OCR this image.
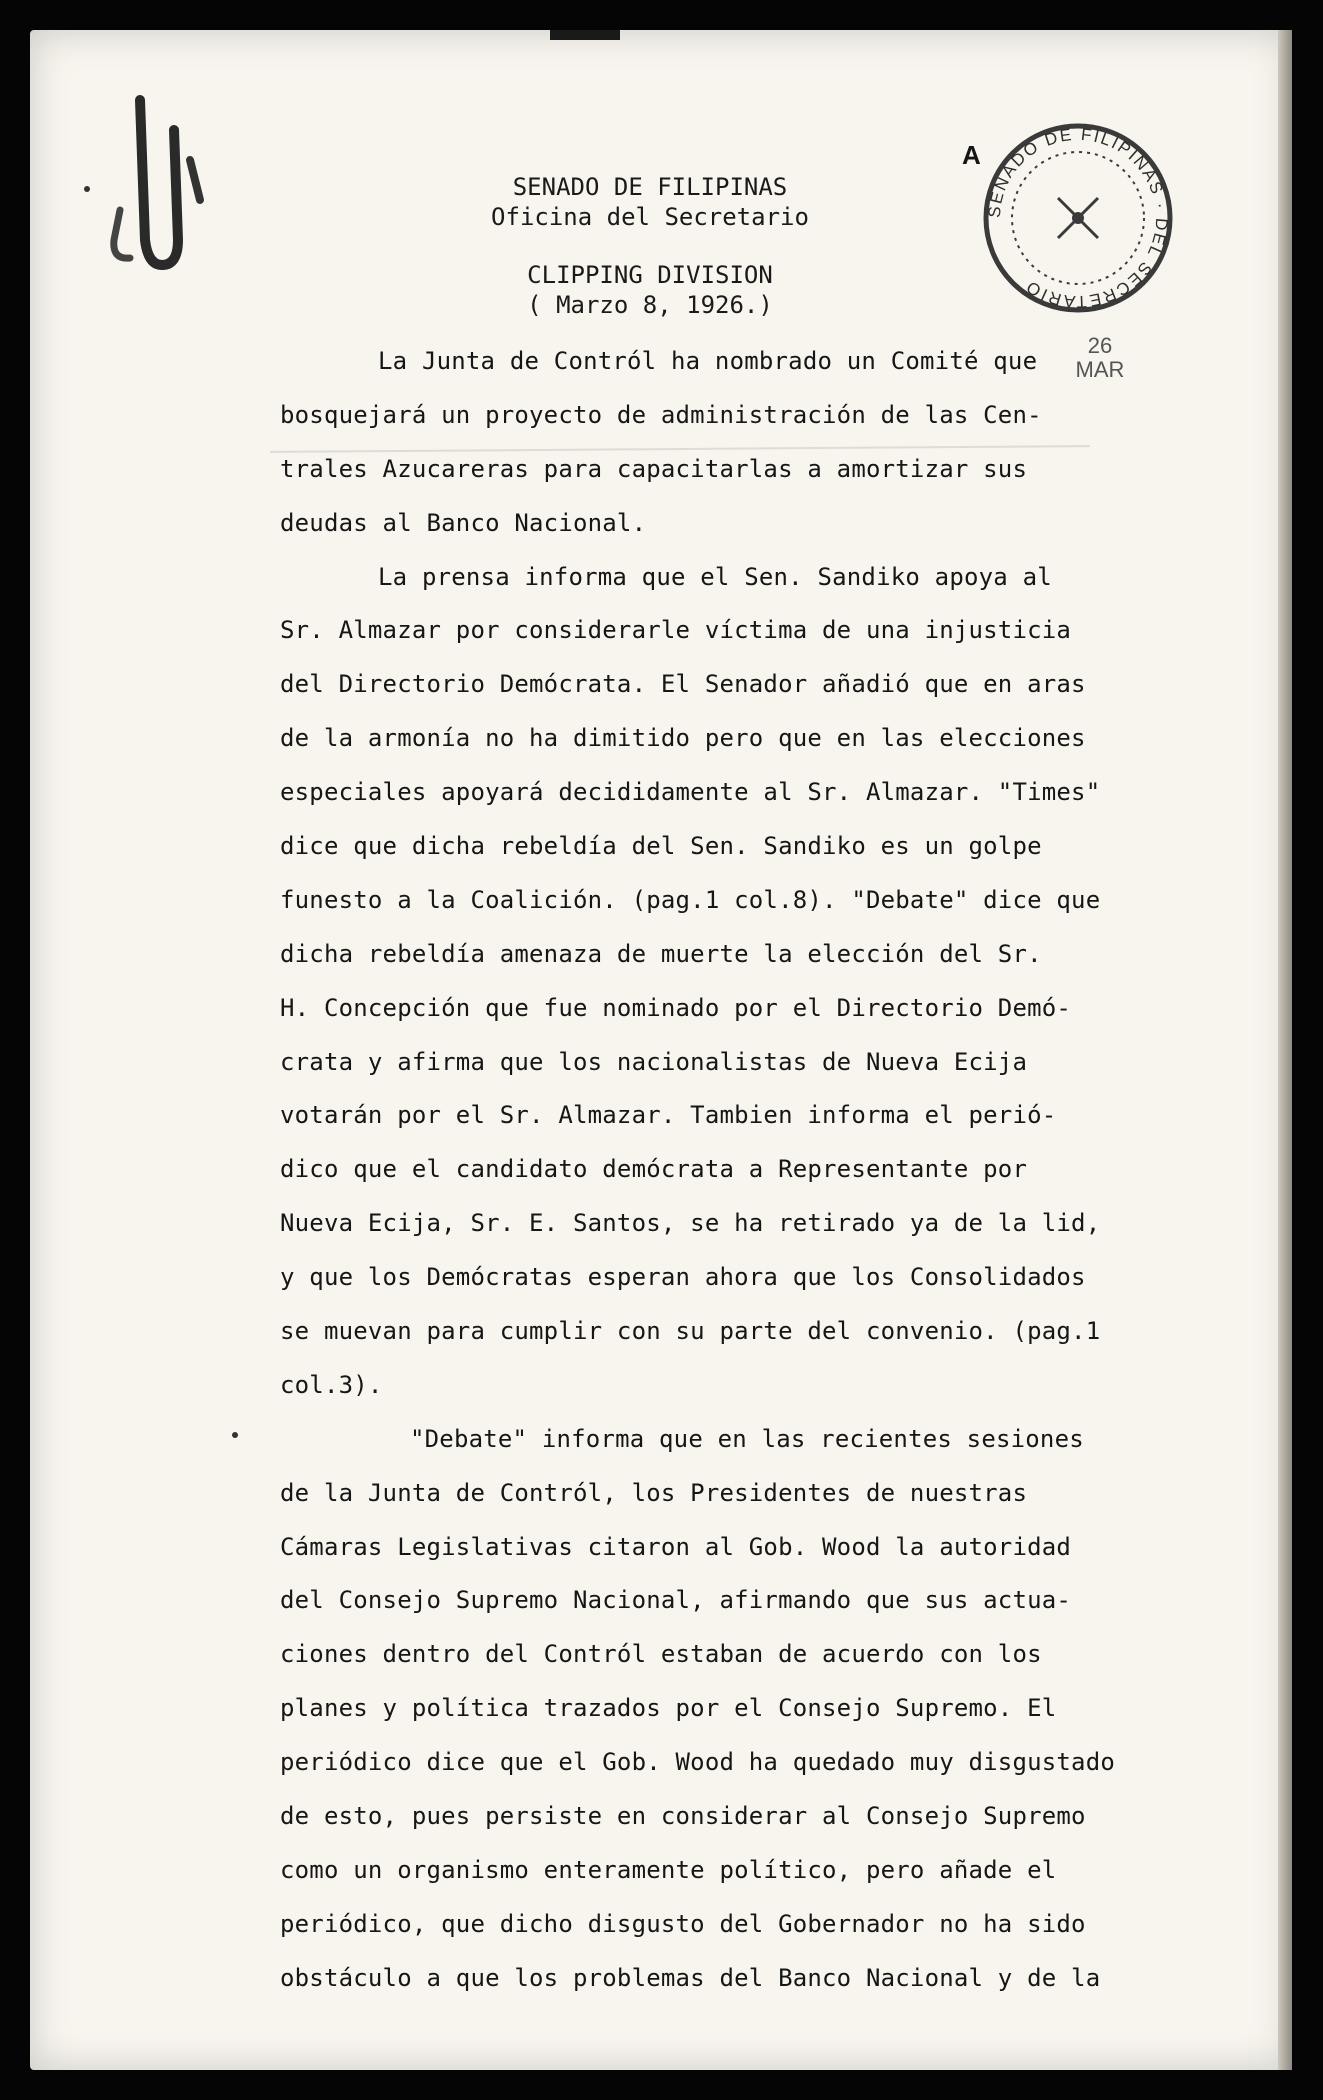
SENADO DE FILIPINAS
Oficina del Secretario
CLIPPING DIVISION
( Marzo 8, 1926.)
A
SENADO DE FILIPINAS · DEL SECRETARIO
26 MAR
La Junta de Contról ha nombrado un Comité que
bosquejará un proyecto de administración de las Cen-
trales Azucareras para capacitarlas a amortizar sus
deudas al Banco Nacional.
La prensa informa que el Sen. Sandiko apoya al
Sr. Almazar por considerarle víctima de una injusticia
del Directorio Demócrata. El Senador añadió que en aras
de la armonía no ha dimitido pero que en las elecciones
especiales apoyará decididamente al Sr. Almazar. "Times"
dice que dicha rebeldía del Sen. Sandiko es un golpe
funesto a la Coalición. (pag.1 col.8). "Debate" dice que
dicha rebeldía amenaza de muerte la elección del Sr.
H. Concepción que fue nominado por el Directorio Demó-
crata y afirma que los nacionalistas de Nueva Ecija
votarán por el Sr. Almazar. Tambien informa el perió-
dico que el candidato demócrata a Representante por
Nueva Ecija, Sr. E. Santos, se ha retirado ya de la lid,
y que los Demócratas esperan ahora que los Consolidados
se muevan para cumplir con su parte del convenio. (pag.1
col.3).
"Debate" informa que en las recientes sesiones
de la Junta de Contról, los Presidentes de nuestras
Cámaras Legislativas citaron al Gob. Wood la autoridad
del Consejo Supremo Nacional, afirmando que sus actua-
ciones dentro del Contról estaban de acuerdo con los
planes y política trazados por el Consejo Supremo. El
periódico dice que el Gob. Wood ha quedado muy disgustado
de esto, pues persiste en considerar al Consejo Supremo
como un organismo enteramente político, pero añade el
periódico, que dicho disgusto del Gobernador no ha sido
obstáculo a que los problemas del Banco Nacional y de la
